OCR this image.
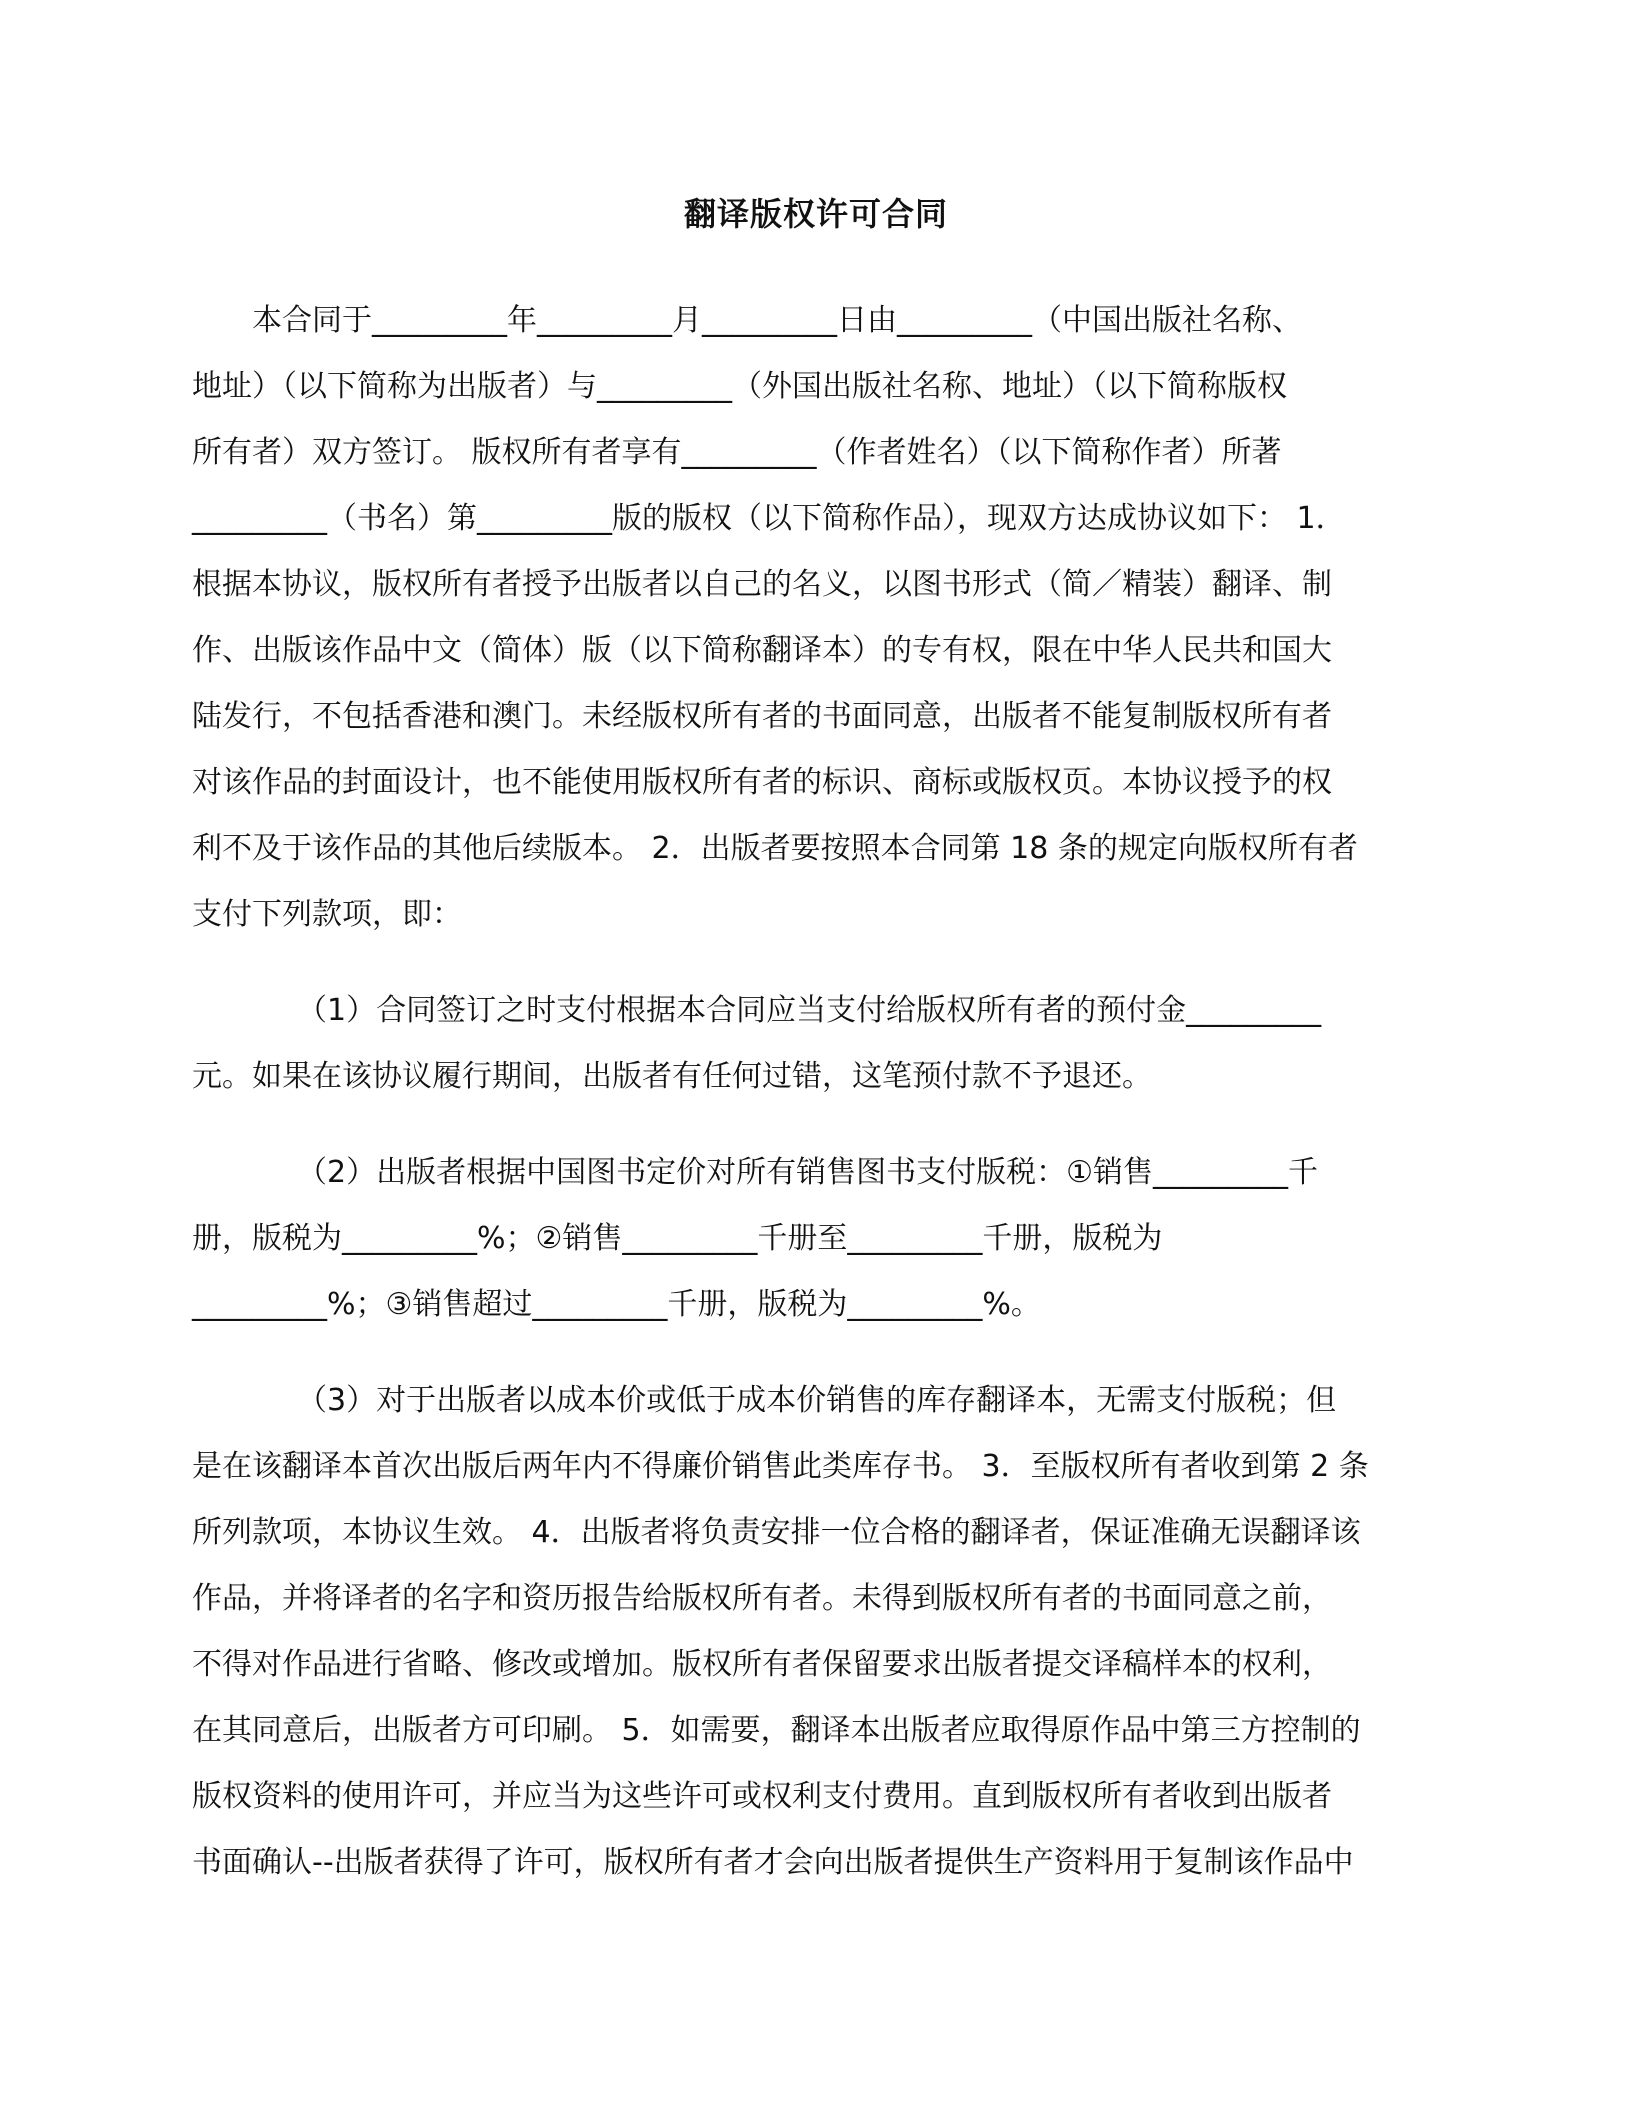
翻译版权许可合同
　　本合同于_________年_________月_________日由_________（中国出版社名称、
地址）（以下简称为出版者）与_________（外国出版社名称、地址）（以下简称版权
所有者）双方签订。 版权所有者享有_________（作者姓名）（以下简称作者）所著
_________（书名）第_________版的版权（以下简称作品），现双方达成协议如下： 1．
根据本协议，版权所有者授予出版者以自己的名义，以图书形式（简／精装）翻译、制
作、出版该作品中文（简体）版（以下简称翻译本）的专有权，限在中华人民共和国大
陆发行，不包括香港和澳门。未经版权所有者的书面同意，出版者不能复制版权所有者
对该作品的封面设计，也不能使用版权所有者的标识、商标或版权页。本协议授予的权
利不及于该作品的其他后续版本。 2．出版者要按照本合同第 18 条的规定向版权所有者
支付下列款项，即：
　　　　（1）合同签订之时支付根据本合同应当支付给版权所有者的预付金_________
元。如果在该协议履行期间，出版者有任何过错，这笔预付款不予退还。
　　　　（2）出版者根据中国图书定价对所有销售图书支付版税：①销售_________千
册，版税为_________%；②销售_________千册至_________千册，版税为
_________%；③销售超过_________千册，版税为_________%。
　　　　（3）对于出版者以成本价或低于成本价销售的库存翻译本，无需支付版税；但
是在该翻译本首次出版后两年内不得廉价销售此类库存书。 3．至版权所有者收到第 2 条
所列款项，本协议生效。 4．出版者将负责安排一位合格的翻译者，保证准确无误翻译该
作品，并将译者的名字和资历报告给版权所有者。未得到版权所有者的书面同意之前，
不得对作品进行省略、修改或增加。版权所有者保留要求出版者提交译稿样本的权利，
在其同意后，出版者方可印刷。 5．如需要，翻译本出版者应取得原作品中第三方控制的
版权资料的使用许可，并应当为这些许可或权利支付费用。直到版权所有者收到出版者
书面确认--出版者获得了许可，版权所有者才会向出版者提供生产资料用于复制该作品中
